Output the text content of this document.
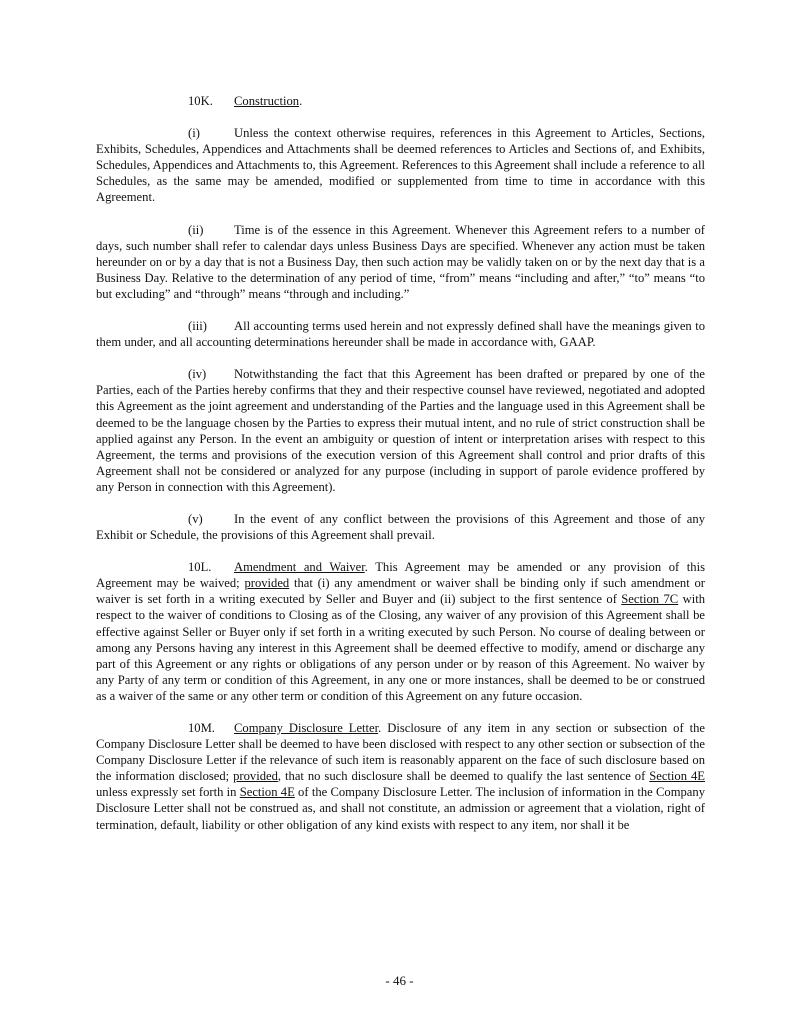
10K. Construction.

(i)	Unless the context otherwise requires, references in this Agreement to Articles, Sections, Exhibits, Schedules, Appendices and Attachments shall be deemed references to Articles and Sections of, and Exhibits, Schedules, Appendices and Attachments to, this Agreement. References to this Agreement shall include a reference to all Schedules, as the same may be amended, modified or supplemented from time to time in accordance with this Agreement.

(ii) Time is of the essence in this Agreement. Whenever this Agreement refers to a number of days, such number shall refer to calendar days unless Business Days are specified. Whenever any action must be taken hereunder on or by a day that is not a Business Day, then such action may be validly taken on or by the next day that is a Business Day. Relative to the determination of any period of time, “from” means “including and after,” “to” means “to but excluding” and “through” means “through and including.”

(iii) All accounting terms used herein and not expressly defined shall have the meanings given to them under, and all accounting determinations hereunder shall be made in accordance with, GAAP.

(iv) Notwithstanding the fact that this Agreement has been drafted or prepared by one of the Parties, each of the Parties hereby confirms that they and their respective counsel have reviewed, negotiated and adopted this Agreement as the joint agreement and understanding of the Parties and the language used in this Agreement shall be deemed to be the language chosen by the Parties to express their mutual intent, and no rule of strict construction shall be applied against any Person. In the event an ambiguity or question of intent or interpretation arises with respect to this Agreement, the terms and provisions of the execution version of this Agreement shall control and prior drafts of this Agreement shall not be considered or analyzed for any purpose (including in support of parole evidence proffered by any Person in connection with this Agreement).

(v) In the event of any conflict between the provisions of this Agreement and those of any Exhibit or Schedule, the provisions of this Agreement shall prevail.

10L. Amendment and Waiver. This Agreement may be amended or any provision of this Agreement may be waived; provided that (i) any amendment or waiver shall be binding only if such amendment or waiver is set forth in a writing executed by Seller and Buyer and (ii) subject to the first sentence of Section 7C with respect to the waiver of conditions to Closing as of the Closing, any waiver of any provision of this Agreement shall be effective against Seller or Buyer only if set forth in a writing executed by such Person. No course of dealing between or among any Persons having any interest in this Agreement shall be deemed effective to modify, amend or discharge any part of this Agreement or any rights or obligations of any person under or by reason of this Agreement. No waiver by any Party of any term or condition of this Agreement, in any one or more instances, shall be deemed to be or construed as a waiver of the same or any other term or condition of this Agreement on any future occasion.

10M. Company Disclosure Letter. Disclosure of any item in any section or subsection of the Company Disclosure Letter shall be deemed to have been disclosed with respect to any other section or subsection of the Company Disclosure Letter if the relevance of such item is reasonably apparent on the face of such disclosure based on the information disclosed; provided, that no such disclosure shall be deemed to qualify the last sentence of Section 4E unless expressly set forth in Section 4E of the Company Disclosure Letter. The inclusion of information in the Company Disclosure Letter shall not be construed as, and shall not constitute, an admission or agreement that a violation, right of termination, default, liability or other obligation of any kind exists with respect to any item, nor shall it be

- 46 -
